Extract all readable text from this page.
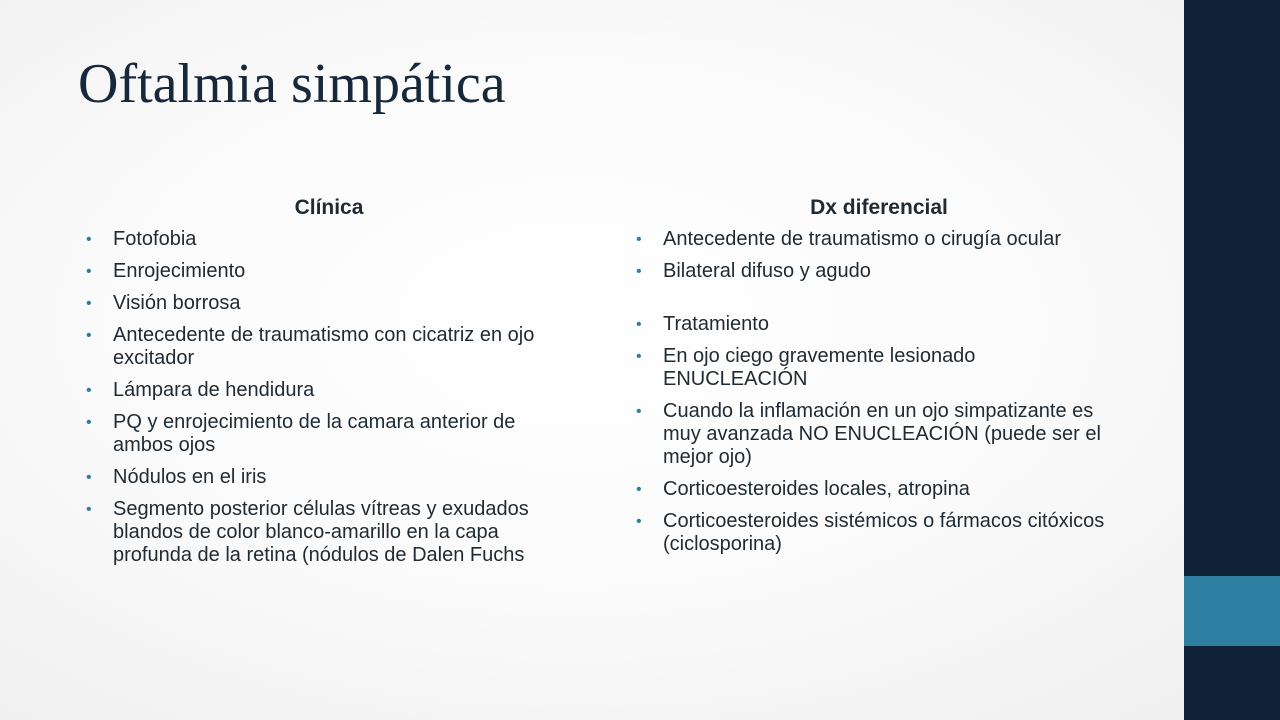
Oftalmia simpática
Clínica
• Fotofobia
• Enrojecimiento
• Visión borrosa
• Antecedente de traumatismo con cicatriz en ojo excitador
• Lámpara de hendidura
• PQ y enrojecimiento de la camara anterior de ambos ojos
• Nódulos en el iris
• Segmento posterior células vítreas y exudados blandos de color blanco-amarillo en la capa profunda de la retina (nódulos de Dalen Fuchs
Dx diferencial
• Antecedente de traumatismo o cirugía ocular
• Bilateral difuso y agudo
• Tratamiento
• En ojo ciego gravemente lesionado ENUCLEACIÓN
• Cuando la inflamación en un ojo simpatizante es muy avanzada NO ENUCLEACIÓN (puede ser el mejor ojo)
• Corticoesteroides locales, atropina
• Corticoesteroides sistémicos o fármacos citóxicos (ciclosporina)
